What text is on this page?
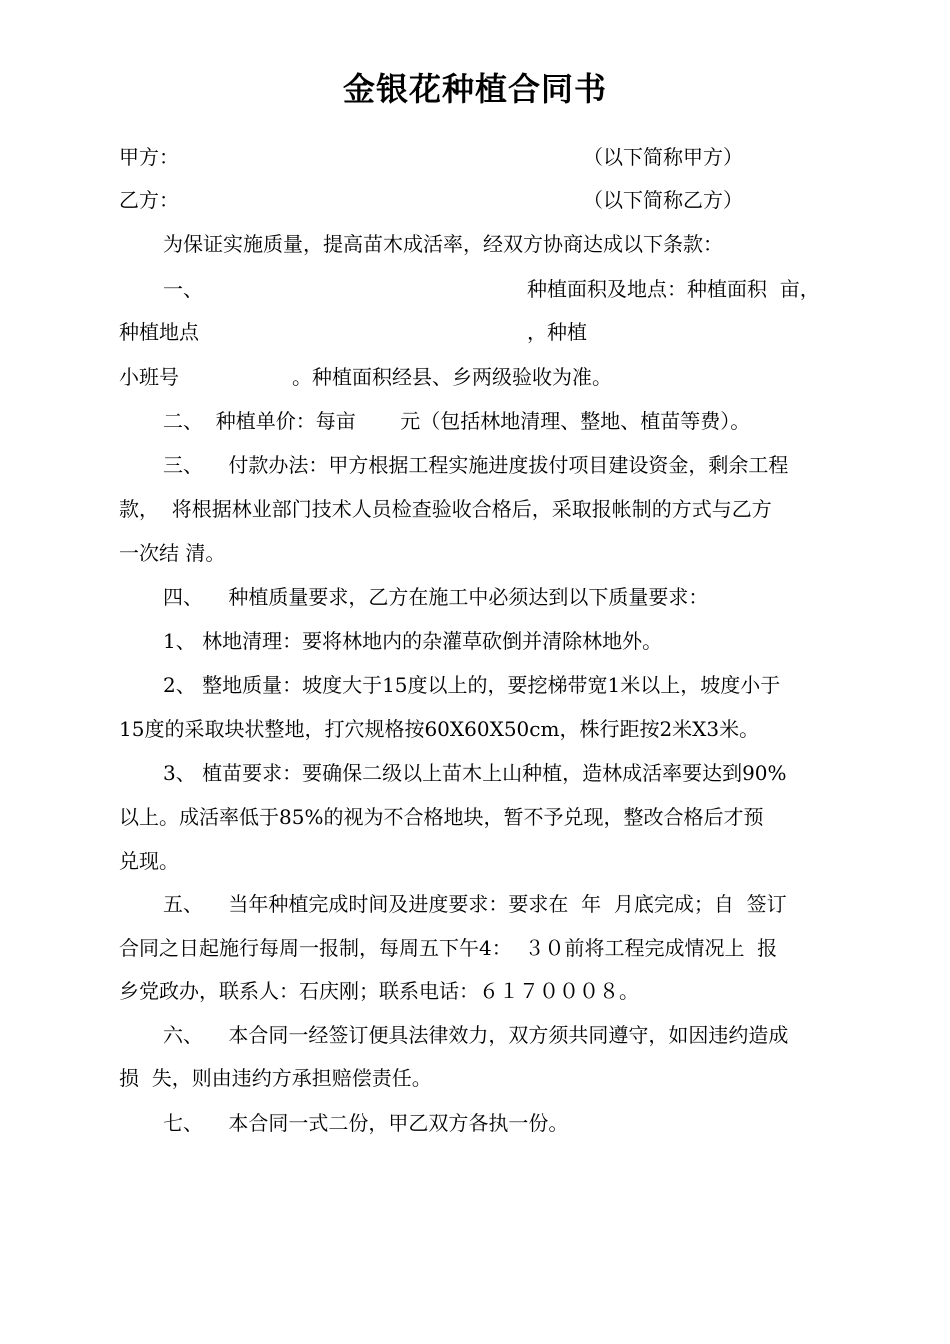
金银花种植合同书
甲方：	（以下简称甲方）
乙方：	（以下简称乙方）
为保证实施质量，提高苗木成活率，经双方协商达成以下条款：
一、	种植面积及地点：种植面积  亩，
种植地点	，种植
小班号	。种植面积经县、乡两级验收为准。
二、  种植单价：每亩       元（包括林地清理、整地、植苗等费）。
三、    付款办法：甲方根据工程实施进度拔付项目建设资金，剩余工程
款，  将根据林业部门技术人员检查验收合格后，采取报帐制的方式与乙方
一次结 清。
四、    种植质量要求，乙方在施工中必须达到以下质量要求：
1、 林地清理：要将林地内的杂灌草砍倒并清除林地外。
2、 整地质量：坡度大于15度以上的，要挖梯带宽1米以上，坡度小于
15度的采取块状整地，打穴规格按60X60X50cm，株行距按2米X3米。
3、 植苗要求：要确保二级以上苗木上山种植，造林成活率要达到90%
以上。成活率低于85%的视为不合格地块，暂不予兑现，整改合格后才预
兑现。
五、    当年种植完成时间及进度要求：要求在  年  月底完成；自  签订
合同之日起施行每周一报制，每周五下午4：  ３０前将工程完成情况上  报
乡党政办，联系人：石庆刚；联系电话：６１７０００８。
六、    本合同一经签订便具法律效力，双方须共同遵守，如因违约造成
损  失，则由违约方承担赔偿责任。
七、    本合同一式二份，甲乙双方各执一份。
